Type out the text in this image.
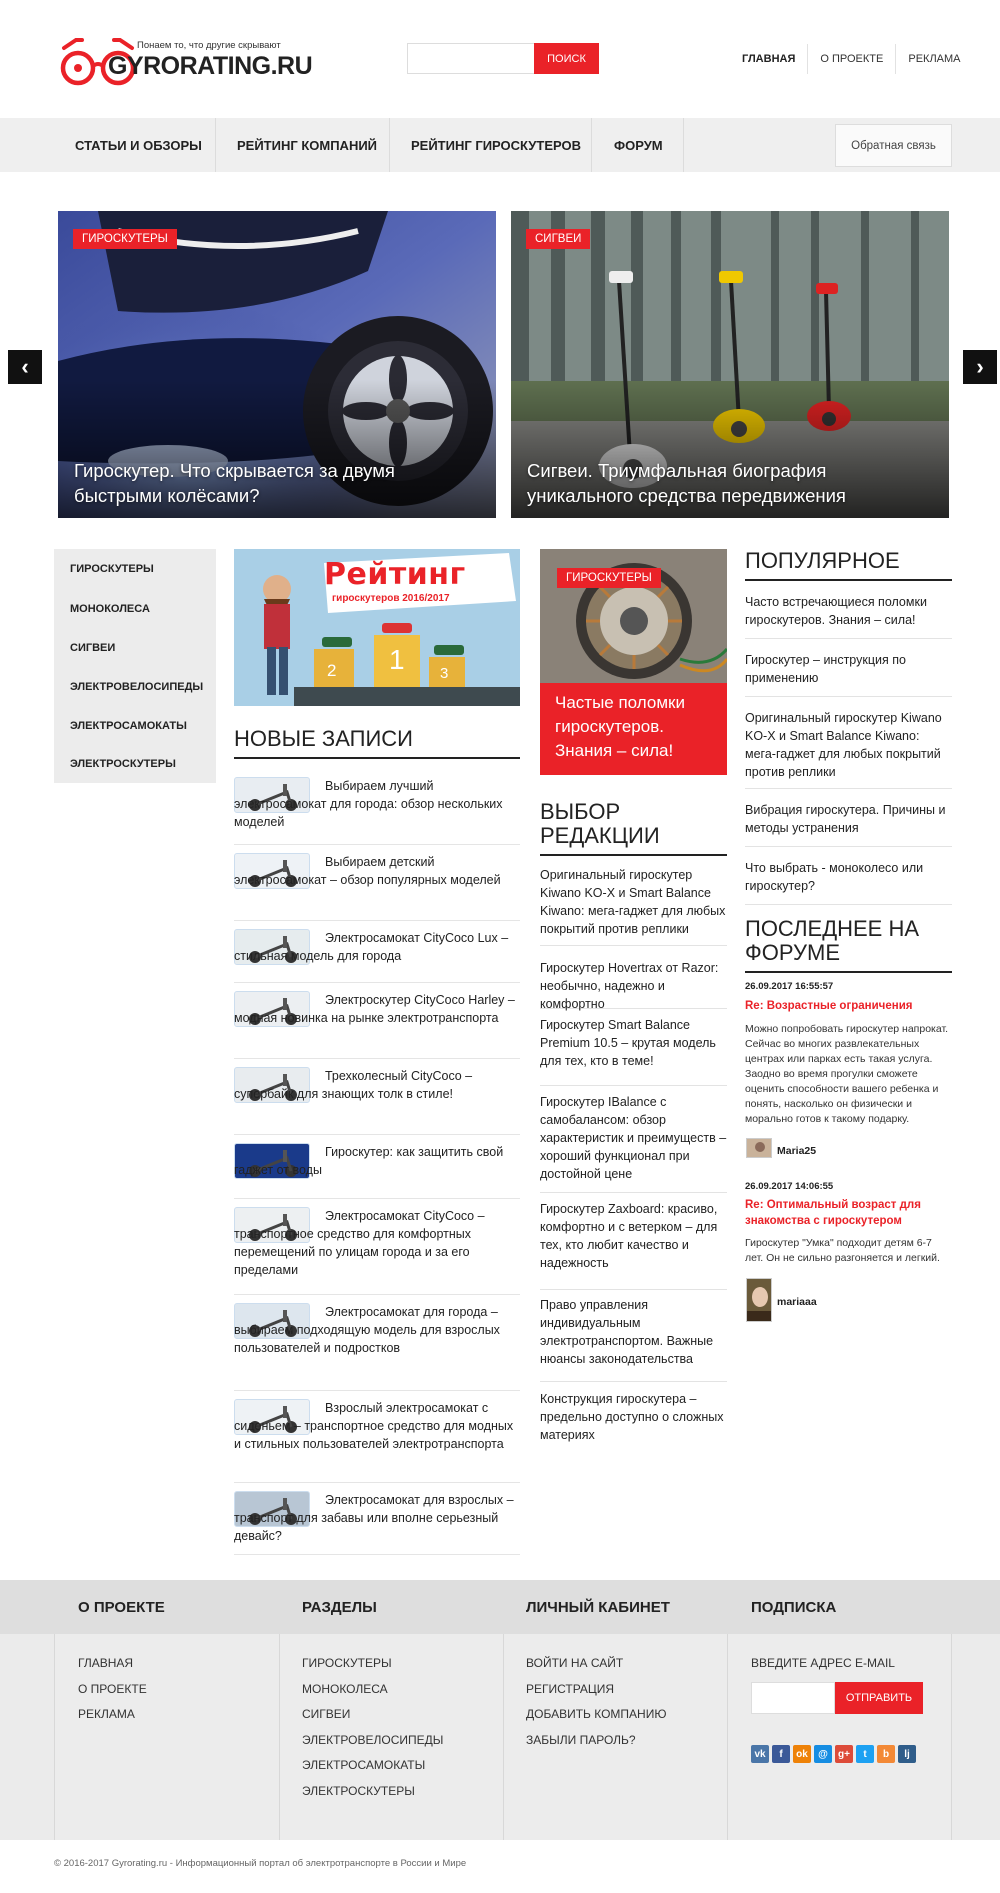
Понаем то, что другие скрывают
GYRORATING.RU	ПОИСК	ГЛАВНАЯ	О ПРОЕКТЕ	РЕКЛАМА
СТАТЬИ И ОБЗОРЫ	РЕЙТИНГ КОМПАНИЙ	РЕЙТИНГ ГИРОСКУТЕРОВ	ФОРУМ	Обратная связь
ГИРОСКУТЕРЫ
Гироскутер. Что скрывается за двумя быстрыми колёсами?
СИГВЕИ
Сигвеи. Триумфальная биография уникального средства передвижения
‹	›
ГИРОСКУТЕРЫ
МОНОКОЛЕСА
СИГВЕИ
ЭЛЕКТРОВЕЛОСИПЕДЫ
ЭЛЕКТРОСАМОКАТЫ
ЭЛЕКТРОСКУТЕРЫ
Рейтинг
гироскутеров 2016/2017
2 1 3
НОВЫЕ ЗАПИСИ
Выбираем лучший электросамокат для города: обзор нескольких моделей
Выбираем детский электросамокат – обзор популярных моделей
Электросамокат CityCoco Lux – стильная модель для города
Электроскутер CityCoco Harley – модная новинка на рынке электротранспорта
Трехколесный CityCoco – супербайк для знающих толк в стиле!
Гироскутер: как защитить свой гаджет от воды
Электросамокат CityCoco – транспортное средство для комфортных перемещений по улицам города и за его пределами
Электросамокат для города – выбираем подходящую модель для взрослых пользователей и подростков
Взрослый электросамокат с сиденьем – транспортное средство для модных и стильных пользователей электротранспорта
Электросамокат для взрослых – транспорт для забавы или вполне серьезный девайс?
ГИРОСКУТЕРЫ
Частые поломки гироскутеров. Знания – сила!
ВЫБОР РЕДАКЦИИ
Оригинальный гироскутер Kiwano KO-X и Smart Balance Kiwano: мега-гаджет для любых покрытий против реплики
Гироскутер Hovertrax от Razor: необычно, надежно и комфортно
Гироскутер Smart Balance Premium 10.5 – крутая модель для тех, кто в теме!
Гироскутер IBalance с самобалансом: обзор характеристик и преимуществ – хороший функционал при достойной цене
Гироскутер Zaxboard: красиво, комфортно и с ветерком – для тех, кто любит качество и надежность
Право управления индивидуальным электротранспортом. Важные нюансы законодательства
Конструкция гироскутера – предельно доступно о сложных материях
ПОПУЛЯРНОЕ
Часто встречающиеся поломки гироскутеров. Знания – сила!
Гироскутер – инструкция по применению
Оригинальный гироскутер Kiwano KO-X и Smart Balance Kiwano: мега-гаджет для любых покрытий против реплики
Вибрация гироскутера. Причины и методы устранения
Что выбрать - моноколесо или гироскутер?
ПОСЛЕДНЕЕ НА ФОРУМЕ
26.09.2017 16:55:57
Re: Возрастные ограничения
Можно попробовать гироскутер напрокат. Сейчас во многих развлекательных центрах или парках есть такая услуга. Заодно во время прогулки сможете оценить способности вашего ребенка и понять, насколько он физически и морально готов к такому подарку.
Maria25
26.09.2017 14:06:55
Re: Оптимальный возраст для знакомства с гироскутером
Гироскутер "Умка" подходит детям 6-7 лет. Он не сильно разгоняется и легкий.
mariaaa
О ПРОЕКТЕ	РАЗДЕЛЫ	ЛИЧНЫЙ КАБИНЕТ	ПОДПИСКА
ГЛАВНАЯ
О ПРОЕКТЕ
РЕКЛАМА
ГИРОСКУТЕРЫ
МОНОКОЛЕСА
СИГВЕИ
ЭЛЕКТРОВЕЛОСИПЕДЫ
ЭЛЕКТРОСАМОКАТЫ
ЭЛЕКТРОСКУТЕРЫ
ВОЙТИ НА САЙТ
РЕГИСТРАЦИЯ
ДОБАВИТЬ КОМПАНИЮ
ЗАБЫЛИ ПАРОЛЬ?
ВВЕДИТЕ АДРЕС E-MAIL
ОТПРАВИТЬ
vk	f	ok	@	g+	t	b	lj
© 2016-2017 Gyrorating.ru - Информационный портал об электротранспорте в России и Мире
